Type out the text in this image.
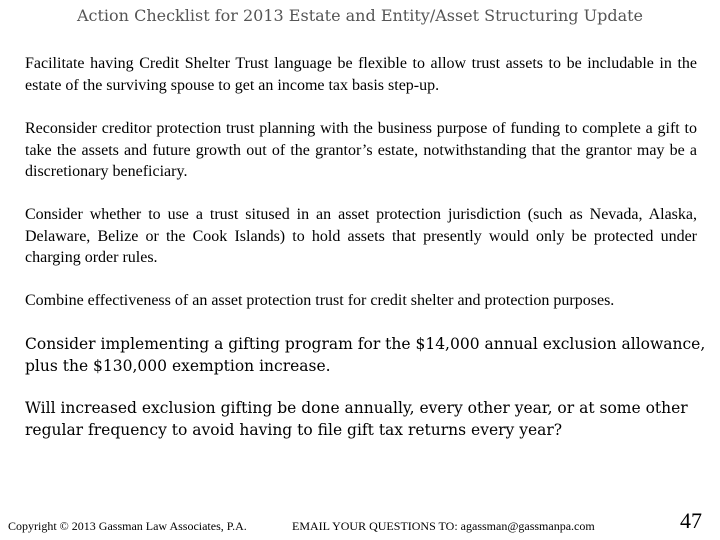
Action Checklist for 2013 Estate and Entity/Asset Structuring Update
Facilitate having Credit Shelter Trust language be flexible to allow trust assets to be includable in the estate of the surviving spouse to get an income tax basis step-up.
Reconsider creditor protection trust planning with the business purpose of funding to complete a gift to take the assets and future growth out of the grantor’s estate, notwithstanding that the grantor may be a discretionary beneficiary.
Consider whether to use a trust sitused in an asset protection jurisdiction (such as Nevada, Alaska, Delaware, Belize or the Cook Islands) to hold assets that presently would only be protected under charging order rules.
Combine effectiveness of an asset protection trust for credit shelter and protection purposes.
Consider implementing a gifting program for the $14,000 annual exclusion allowance, plus the $130,000 exemption increase.
Will increased exclusion gifting be done annually, every other year, or at some other regular frequency to avoid having to file gift tax returns every year?
Copyright © 2013 Gassman Law Associates, P.A.	EMAIL YOUR QUESTIONS TO: agassman@gassmanpa.com	47
